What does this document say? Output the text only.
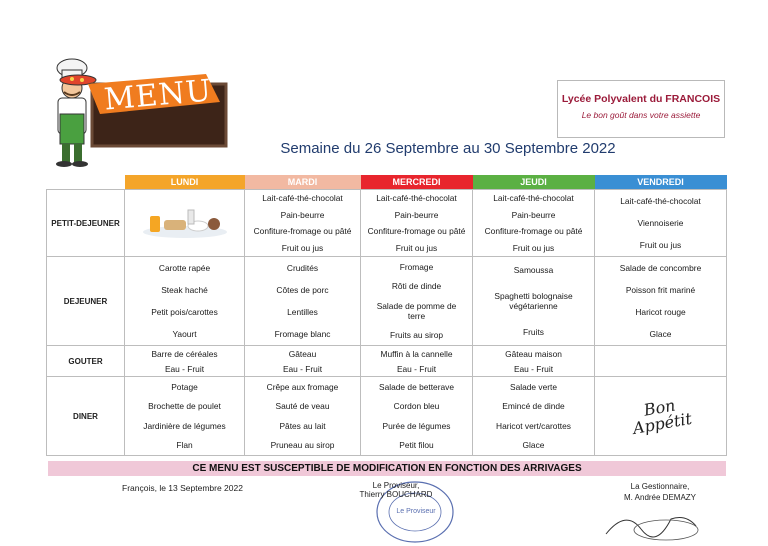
MENU	Lycée Polyvalent du FRANCOIS
Le bon goût dans votre assiette
Semaine du 26 Septembre au 30 Septembre 2022
	LUNDI	MARDI	MERCREDI	JEUDI	VENDREDI
PETIT-DEJEUNER		Lait-café-thé-chocolat
Pain-beurre
Confiture-fromage ou pâté
Fruit ou jus	Lait-café-thé-chocolat
Pain-beurre
Confiture-fromage ou pâté
Fruit ou jus	Lait-café-thé-chocolat
Pain-beurre
Confiture-fromage ou pâté
Fruit ou jus	Lait-café-thé-chocolat
Viennoiserie
Fruit ou jus

DEJEUNER	Carotte rapée
Steak haché
Petit pois/carottes
Yaourt	Crudités
Côtes de porc
Lentilles
Fromage blanc	Fromage
Rôti de dinde
Salade de pomme de terre
Fruits au sirop	Samoussa
Spaghetti bolognaise végétarienne
Fruits	Salade de concombre
Poisson frit mariné
Haricot rouge
Glace

GOUTER	Barre de céréales
Eau - Fruit	Gâteau
Eau - Fruit	Muffin à la cannelle
Eau - Fruit	Gâteau maison
Eau - Fruit	

DINER	Potage
Brochette de poulet
Jardinière de légumes
Flan	Crêpe aux fromage
Sauté de veau
Pâtes au lait
Pruneau au sirop	Salade de betterave
Cordon bleu
Purée de légumes
Petit filou	Salade verte
Emincé de dinde
Haricot vert/carottes
Glace	Bon Appétit
CE MENU EST SUSCEPTIBLE DE MODIFICATION EN FONCTION DES ARRIVAGES
François, le 13 Septembre 2022
Le Proviseur
Le Proviseur,
Thierry BOUCHARD
La Gestionnaire,
M. Andrée DEMAZY
